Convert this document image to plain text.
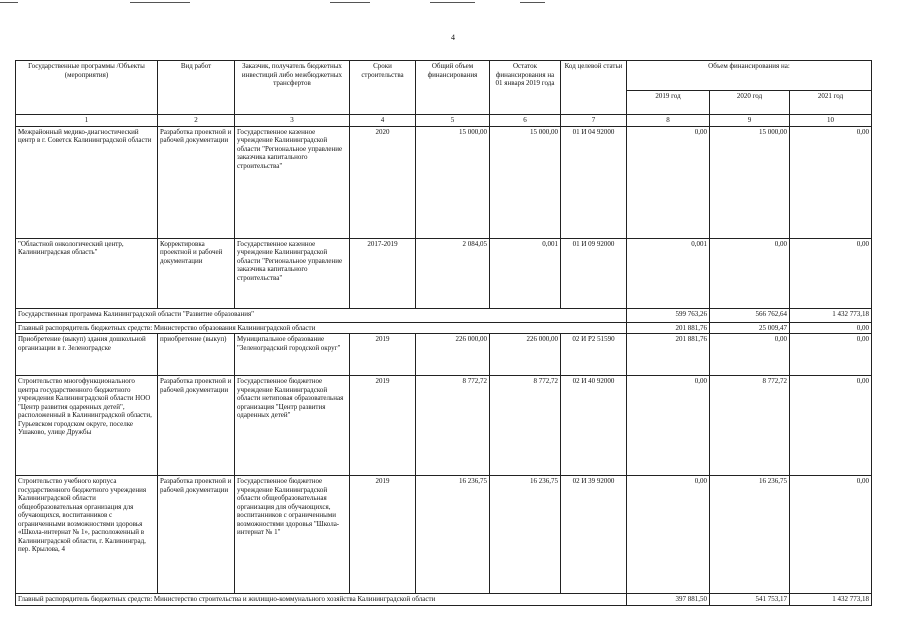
4
Государственные программы /Объекты (мероприятия)	Вид работ	Заказчик, получатель бюджетных инвестиций либо межбюджетных трансфертов	Сроки строительства	Общий объем финансирования	Остаток финансирования на 01 января 2019 года	Код целевой статьи	Объем финансирования на:		
							2019 год	2020 год	2021 год
1	2	3	4	5	6	7	8	9	10
Межрайонный медико-диагностический центр в г. Советск Калининградской области	Разработка проектной и рабочей документации	Государственное казенное учреждение Калининградской области "Региональное управление заказчика капитального строительства"	2020	15 000,00	15 000,00	01 И 04 92000	0,00	15 000,00	0,00
"Областной онкологический центр, Калининградская область"	Корректировка проектной и рабочей документации	Государственное казенное учреждение Калининградской области "Региональное управление заказчика капитального строительства"	2017-2019	2 084,05	0,001	01 И 09 92000	0,001	0,00	0,00
Государственная программа Калининградской области "Развитие образования"							599 763,26	566 762,64	1 432 773,18
Главный распорядитель бюджетных средств: Министерство образования Калининградской области							201 881,76	25 009,47	0,00
Приобретение (выкуп) здания дошкольной организации в г. Зеленоградске	приобретение (выкуп)	Муниципальное образование "Зеленоградский городской округ"	2019	226 000,00	226 000,00	02 И Р2 51590	201 881,76	0,00	0,00
Строительство многофункционального центра государственного бюджетного учреждения Калининградской области НОО "Центр развития одаренных детей", расположенный в Калининградской области, Гурьевском городском округе, поселке Ушаково, улице Дружбы	Разработка проектной и рабочей документации	Государственное бюджетное учреждение Калининградской области нетиповая образовательная организация "Центр развития одаренных детей"	2019	8 772,72	8 772,72	02 И 40 92000	0,00	8 772,72	0,00
Строительство учебного корпуса государственного бюджетного учреждения Калининградской области общеобразовательная организация для обучающихся, воспитанников с ограниченными возможностями здоровья «Школа-интернат № 1», расположенный в Калининградской области, г. Калининград, пер. Крылова, 4	Разработка проектной и рабочей документации	Государственное бюджетное учреждение Калининградской области общеобразовательная организация для обучающихся, воспитанников с ограниченными возможностями здоровья "Школа-интернат № 1"	2019	16 236,75	16 236,75	02 И 39 92000	0,00	16 236,75	0,00
Главный распорядитель бюджетных средств: Министерство строительства и жилищно-коммунального хозяйства Калининградской области							397 881,50	541 753,17	1 432 773,18
